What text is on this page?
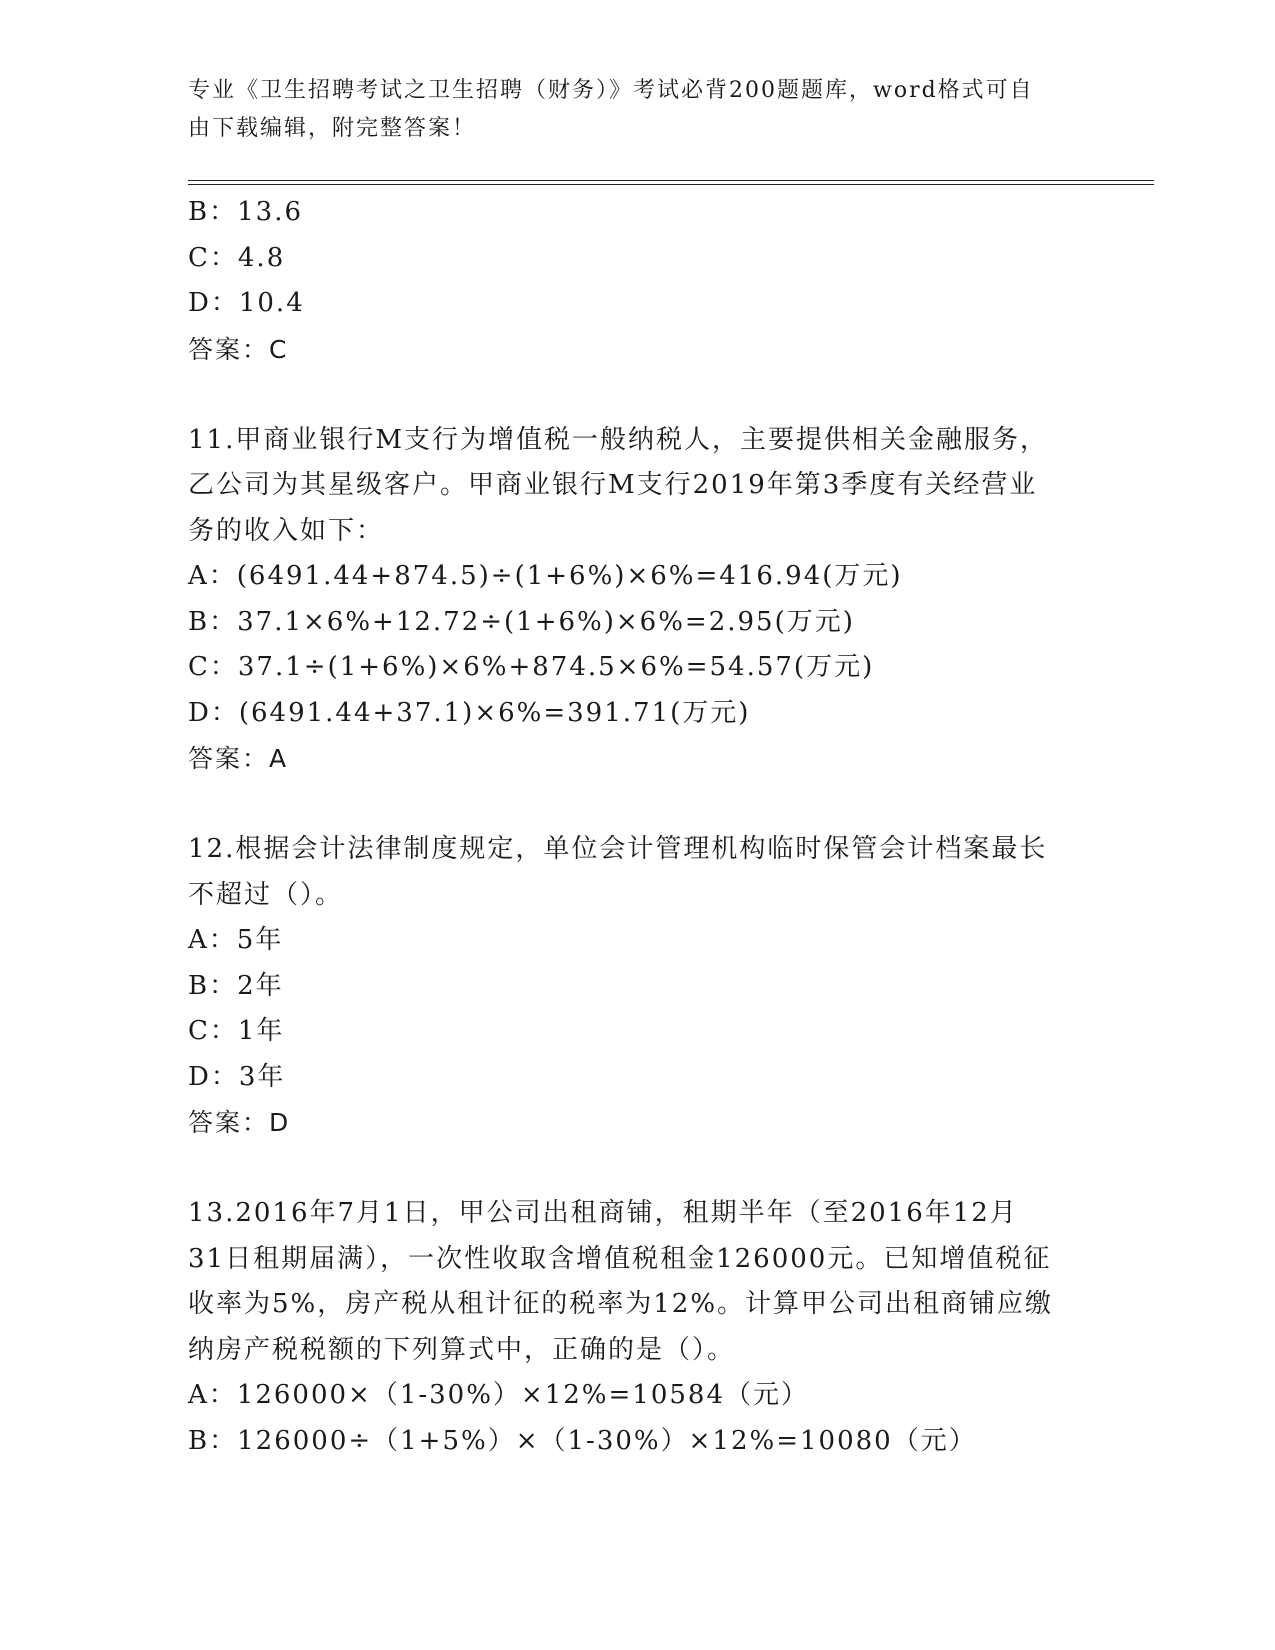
专业《卫生招聘考试之卫生招聘（财务）》考试必背200题题库，word格式可自
由下载编辑，附完整答案！
B：13.6
C：4.8
D：10.4
答案：C
11.甲商业银行M支行为增值税一般纳税人，主要提供相关金融服务，
乙公司为其星级客户。甲商业银行M支行2019年第3季度有关经营业
务的收入如下：
A：(6491.44+874.5)÷(1+6%)×6%=416.94(万元)
B：37.1×6%+12.72÷(1+6%)×6%=2.95(万元)
C：37.1÷(1+6%)×6%+874.5×6%=54.57(万元)
D：(6491.44+37.1)×6%=391.71(万元)
答案：A
12.根据会计法律制度规定，单位会计管理机构临时保管会计档案最长
不超过（）。
A：5年
B：2年
C：1年
D：3年
答案：D
13.2016年7月1日，甲公司出租商铺，租期半年（至2016年12月
31日租期届满），一次性收取含增值税租金126000元。已知增值税征
收率为5%，房产税从租计征的税率为12%。计算甲公司出租商铺应缴
纳房产税税额的下列算式中，正确的是（）。
A：126000×（1-30%）×12%=10584（元）
B：126000÷（1+5%）×（1-30%）×12%=10080（元）
